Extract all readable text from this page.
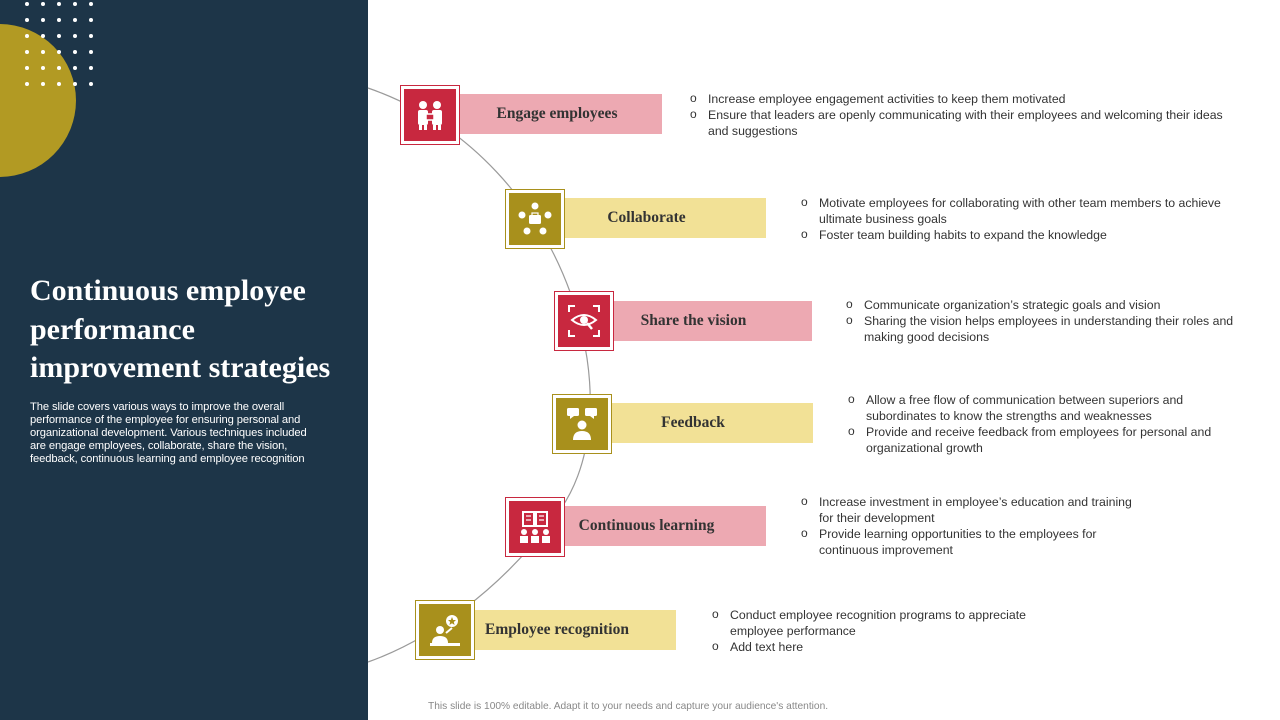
Continuous employee performance improvement strategies

The slide covers various ways to improve the overall performance of the employee for ensuring personal and organizational development. Various techniques included are engage employees, collaborate, share the vision, feedback, continuous learning and employee recognition

Engage employees
o Increase employee engagement activities to keep them motivated
o Ensure that leaders are openly communicating with their employees and welcoming their ideas and suggestions
Collaborate
o Motivate employees for collaborating with other team members to achieve ultimate business goals
o Foster team building habits to expand the knowledge
Share the vision
o Communicate organization’s strategic goals and vision
o Sharing the vision helps employees in understanding their roles and making good decisions
Feedback
o Allow a free flow of communication between superiors and subordinates to know the strengths and weaknesses
o Provide and receive feedback from employees for personal and organizational growth
Continuous learning
o Increase investment in employee’s education and training for their development
o Provide learning opportunities to the employees for continuous improvement
Employee recognition
o Conduct employee recognition programs to appreciate employee performance
o Add text here
This slide is 100% editable. Adapt it to your needs and capture your audience's attention.
